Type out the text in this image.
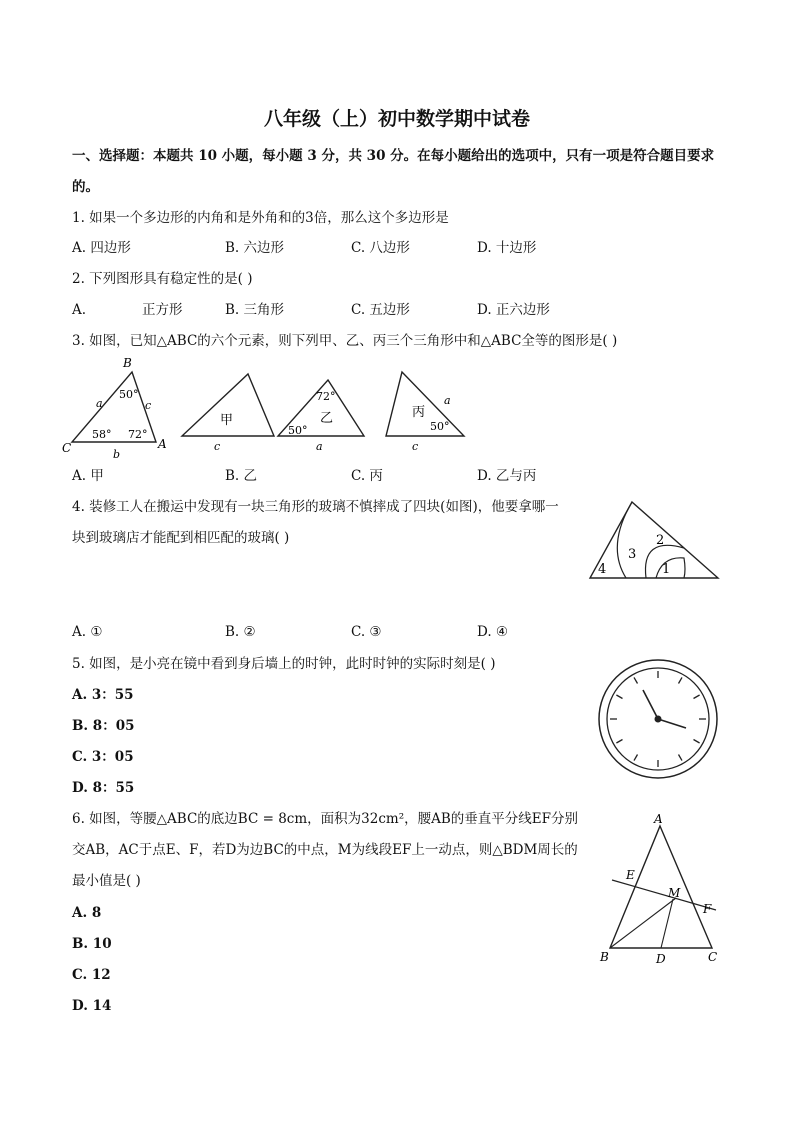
八年级（上）初中数学期中试卷
一、选择题：本题共 10 小题，每小题 3 分，共 30 分。在每小题给出的选项中，只有一项是符合题目要求
的。
1. 如果一个多边形的内角和是外角和的3倍，那么这个多边形是
A. 四边形	B. 六边形	C. 八边形	D. 十边形
2. 下列图形具有稳定性的是( )
A.	正方形	B. 三角形	C. 五边形	D. 正六边形
3. 如图，已知△ABC的六个元素，则下列甲、乙、丙三个三角形中和△ABC全等的图形是( )
B
A
C
a	c
b
50°
58° 72°
甲
c
72°
乙
50°
a
丙
a
50°
c
A. 甲	B. 乙	C. 丙	D. 乙与丙
4. 装修工人在搬运中发现有一块三角形的玻璃不慎摔成了四块(如图)，他要拿哪一
块到玻璃店才能配到相匹配的玻璃( )
4
3
2
1
A. ①	B. ②	C. ③	D. ④
5. 如图，是小亮在镜中看到身后墙上的时钟，此时时钟的实际时刻是( )
A. 3：55
B. 8：05
C. 3：05
D. 8：55
6. 如图，等腰△ABC的底边BC = 8cm，面积为32cm²，腰AB的垂直平分线EF分别
交AB，AC于点E、F，若D为边BC的中点，M为线段EF上一动点，则△BDM周长的
最小值是( )
A. 8
B. 10
C. 12
D. 14
A
B	C
D
E
F
M
